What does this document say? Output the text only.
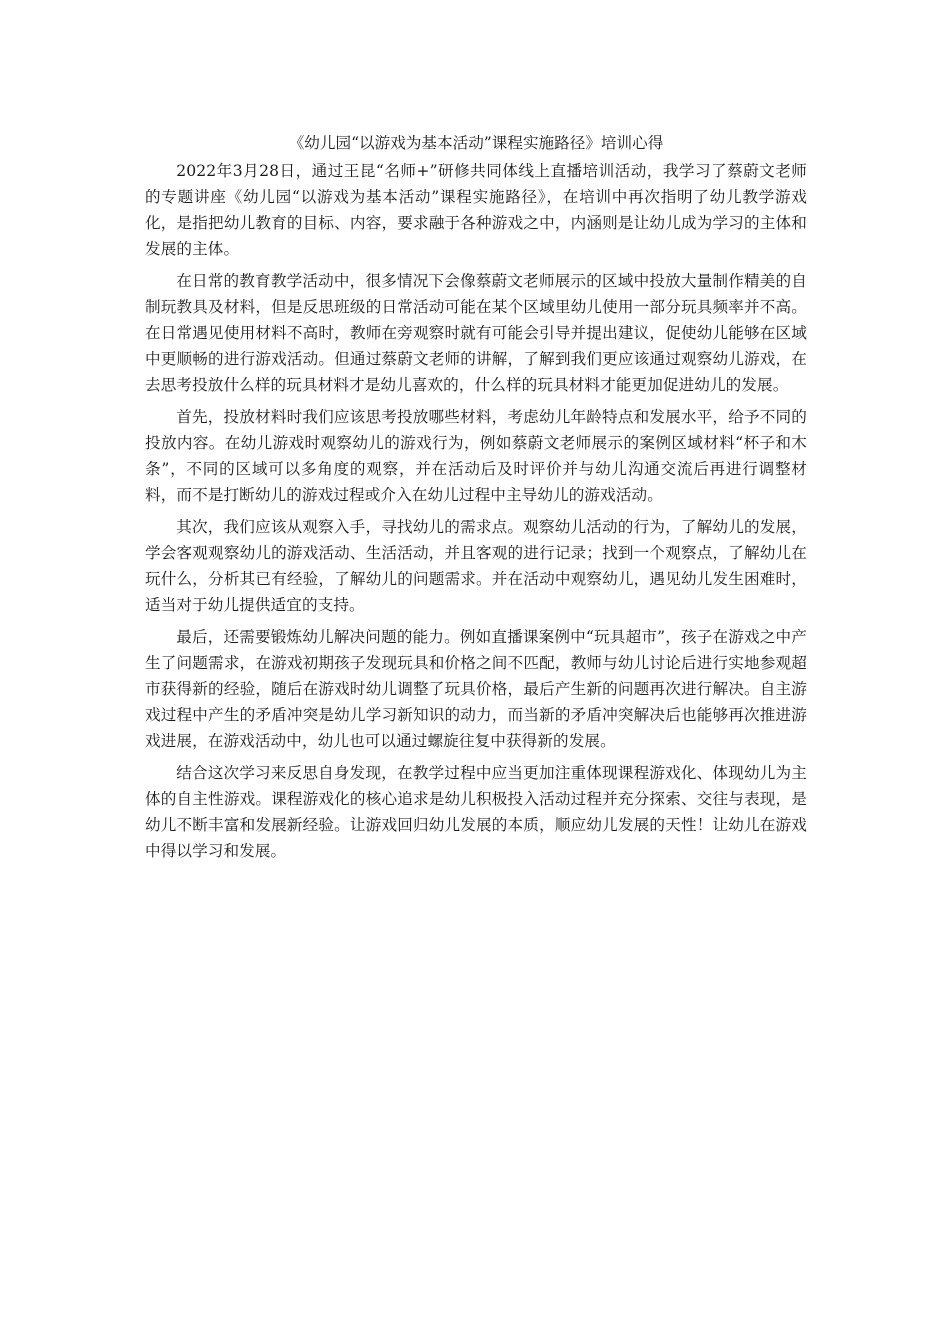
《幼儿园“以游戏为基本活动”课程实施路径》培训心得

2022年3月28日，通过王昆“名师+”研修共同体线上直播培训活动，我学习了蔡蔚文老师的专题讲座《幼儿园“以游戏为基本活动”课程实施路径》，在培训中再次指明了幼儿教学游戏化，是指把幼儿教育的目标、内容，要求融于各种游戏之中，内涵则是让幼儿成为学习的主体和发展的主体。

在日常的教育教学活动中，很多情况下会像蔡蔚文老师展示的区域中投放大量制作精美的自制玩教具及材料，但是反思班级的日常活动可能在某个区域里幼儿使用一部分玩具频率并不高。在日常遇见使用材料不高时，教师在旁观察时就有可能会引导并提出建议，促使幼儿能够在区域中更顺畅的进行游戏活动。但通过蔡蔚文老师的讲解，了解到我们更应该通过观察幼儿游戏，在去思考投放什么样的玩具材料才是幼儿喜欢的，什么样的玩具材料才能更加促进幼儿的发展。

首先，投放材料时我们应该思考投放哪些材料，考虑幼儿年龄特点和发展水平，给予不同的投放内容。在幼儿游戏时观察幼儿的游戏行为，例如蔡蔚文老师展示的案例区域材料“杯子和木条”，不同的区域可以多角度的观察，并在活动后及时评价并与幼儿沟通交流后再进行调整材料，而不是打断幼儿的游戏过程或介入在幼儿过程中主导幼儿的游戏活动。

其次，我们应该从观察入手，寻找幼儿的需求点。观察幼儿活动的行为，了解幼儿的发展，学会客观观察幼儿的游戏活动、生活活动，并且客观的进行记录；找到一个观察点，了解幼儿在玩什么，分析其已有经验，了解幼儿的问题需求。并在活动中观察幼儿，遇见幼儿发生困难时，适当对于幼儿提供适宜的支持。

最后，还需要锻炼幼儿解决问题的能力。例如直播课案例中“玩具超市”，孩子在游戏之中产生了问题需求，在游戏初期孩子发现玩具和价格之间不匹配，教师与幼儿讨论后进行实地参观超市获得新的经验，随后在游戏时幼儿调整了玩具价格，最后产生新的问题再次进行解决。自主游戏过程中产生的矛盾冲突是幼儿学习新知识的动力，而当新的矛盾冲突解决后也能够再次推进游戏进展，在游戏活动中，幼儿也可以通过螺旋往复中获得新的发展。

结合这次学习来反思自身发现，在教学过程中应当更加注重体现课程游戏化、体现幼儿为主体的自主性游戏。课程游戏化的核心追求是幼儿积极投入活动过程并充分探索、交往与表现，是幼儿不断丰富和发展新经验。让游戏回归幼儿发展的本质，顺应幼儿发展的天性！让幼儿在游戏中得以学习和发展。
